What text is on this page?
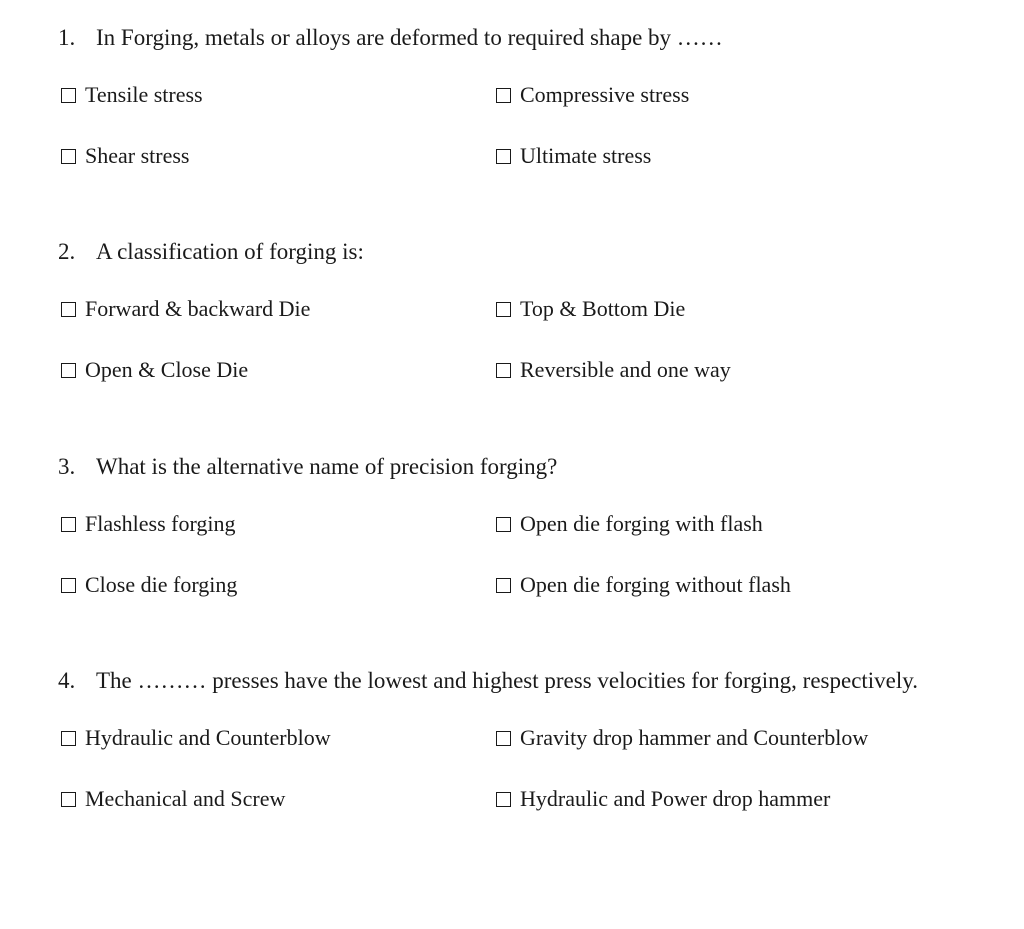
1. In Forging, metals or alloys are deformed to required shape by ……
Tensile stress	Compressive stress
Shear stress	Ultimate stress
2. A classification of forging is:
Forward & backward Die	Top & Bottom Die
Open & Close Die	Reversible and one way
3. What is the alternative name of precision forging?
Flashless forging	Open die forging with flash
Close die forging	Open die forging without flash
4. The ……… presses have the lowest and highest press velocities for forging, respectively.
Hydraulic and Counterblow	Gravity drop hammer and Counterblow
Mechanical and Screw	Hydraulic and Power drop hammer
